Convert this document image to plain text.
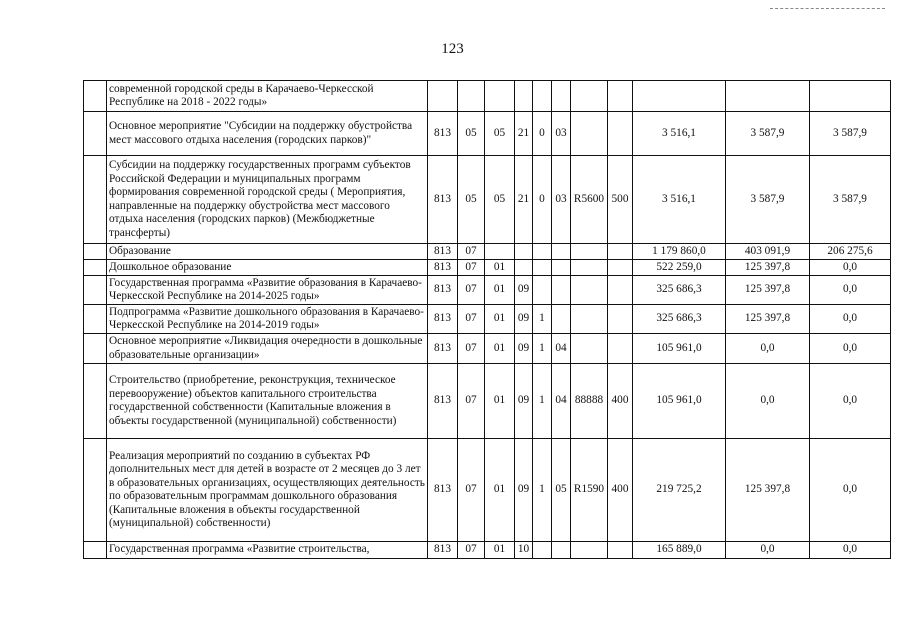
123
	современной городской среды в Карачаево-Черкесской Республике на 2018 - 2022 годы»											
	Основное мероприятие "Субсидии на поддержку обустройства мест массового отдыха населения (городских парков)"	813	05	05	21	0	03			3 516,1	3 587,9	3 587,9
	Субсидии на поддержку государственных программ субъектов Российской Федерации и муниципальных программ формирования современной городской среды ( Мероприятия, направленные на поддержку обустройства мест массового отдыха населения (городских парков) (Межбюджетные трансферты)	813	05	05	21	0	03	R5600	500	3 516,1	3 587,9	3 587,9
	Образование	813	07							1 179 860,0	403 091,9	206 275,6
	Дошкольное образование	813	07	01						522 259,0	125 397,8	0,0
	Государственная программа «Развитие образования в Карачаево-Черкесской Республике на 2014-2025 годы»	813	07	01	09					325 686,3	125 397,8	0,0
	Подпрограмма «Развитие дошкольного образования в Карачаево-Черкесской Республике на 2014-2019 годы»	813	07	01	09	1				325 686,3	125 397,8	0,0
	Основное мероприятие «Ликвидация очередности в дошкольные образовательные организации»	813	07	01	09	1	04			105 961,0	0,0	0,0
	Строительство (приобретение, реконструкция, техническое перевооружение) объектов капитального строительства государственной собственности (Капитальные вложения в объекты государственной (муниципальной) собственности)	813	07	01	09	1	04	88888	400	105 961,0	0,0	0,0
	Реализация мероприятий по созданию в субъектах РФ дополнительных мест для детей в возрасте от 2 месяцев до 3 лет в образовательных организациях, осуществляющих деятельность по образовательным программам дошкольного образования (Капитальные вложения в объекты государственной (муниципальной) собственности)	813	07	01	09	1	05	R1590	400	219 725,2	125 397,8	0,0
	Государственная программа «Развитие строительства,	813	07	01	10					165 889,0	0,0	0,0
